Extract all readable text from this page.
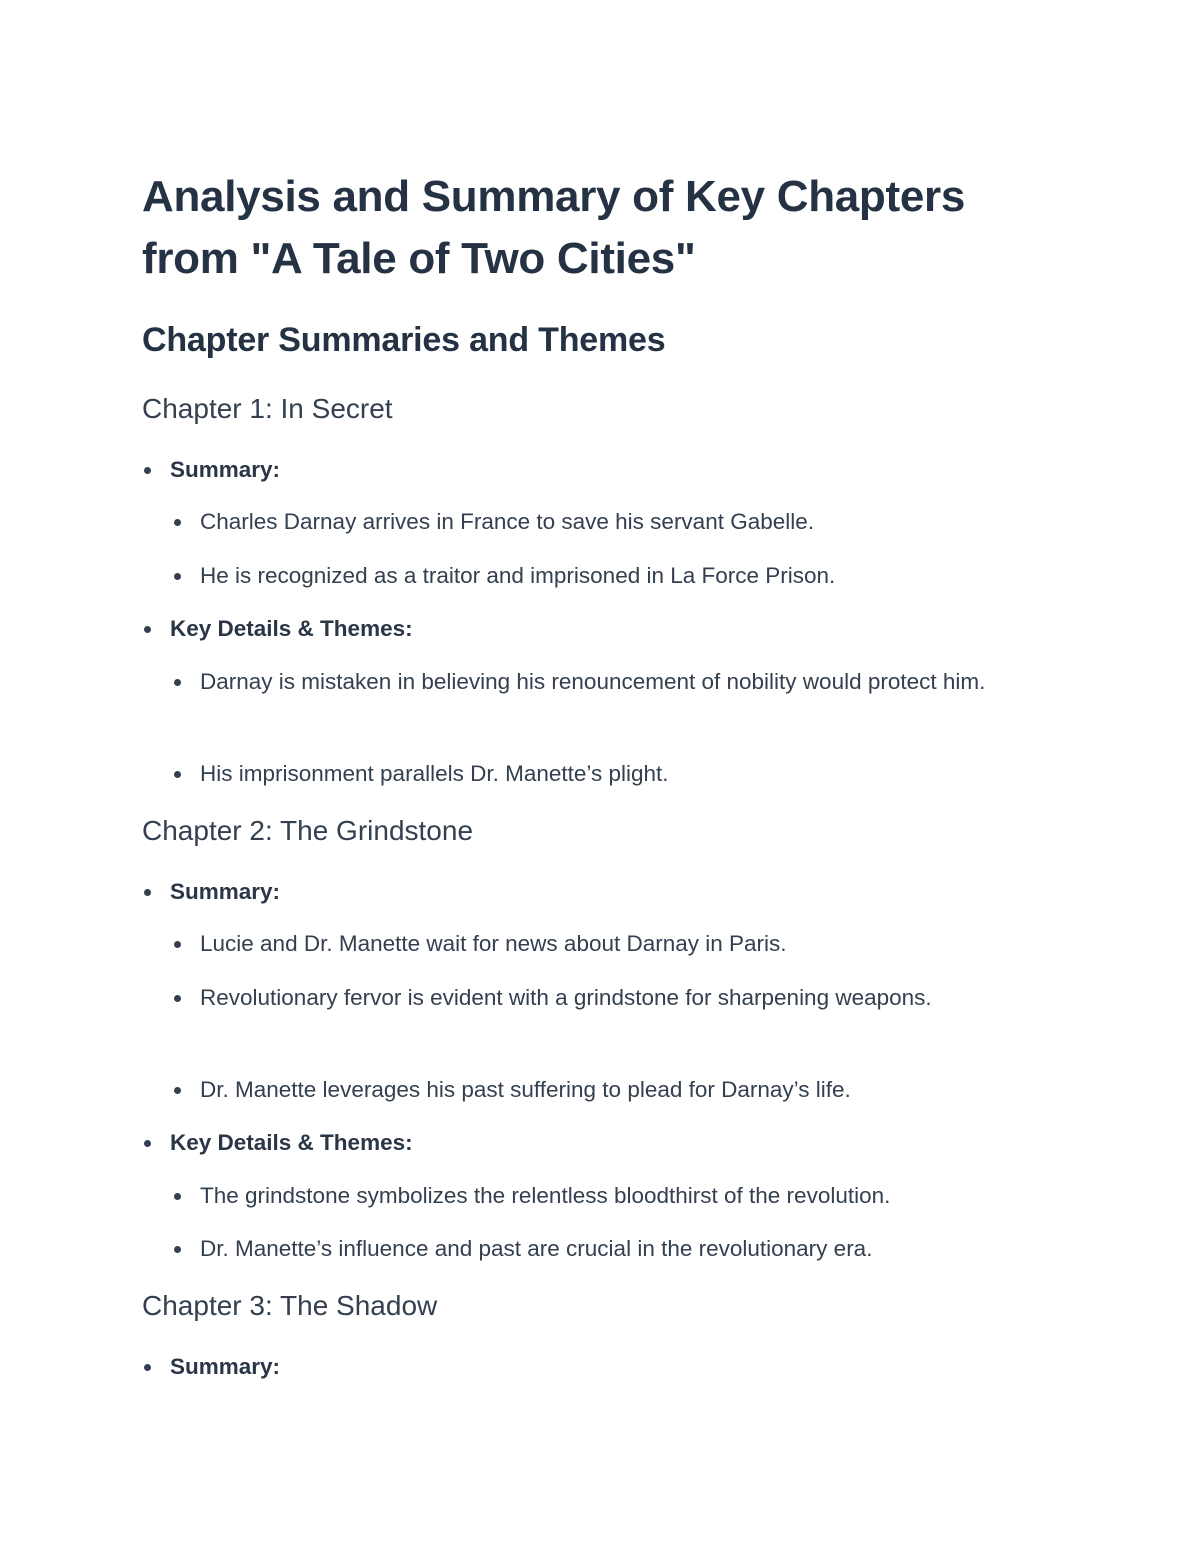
Analysis and Summary of Key Chapters from "A Tale of Two Cities"
Chapter Summaries and Themes
Chapter 1: In Secret
Summary:
Charles Darnay arrives in France to save his servant Gabelle.
He is recognized as a traitor and imprisoned in La Force Prison.
Key Details & Themes:
Darnay is mistaken in believing his renouncement of nobility would protect him.
His imprisonment parallels Dr. Manette’s plight.
Chapter 2: The Grindstone
Summary:
Lucie and Dr. Manette wait for news about Darnay in Paris.
Revolutionary fervor is evident with a grindstone for sharpening weapons.
Dr. Manette leverages his past suffering to plead for Darnay’s life.
Key Details & Themes:
The grindstone symbolizes the relentless bloodthirst of the revolution.
Dr. Manette’s influence and past are crucial in the revolutionary era.
Chapter 3: The Shadow
Summary:
